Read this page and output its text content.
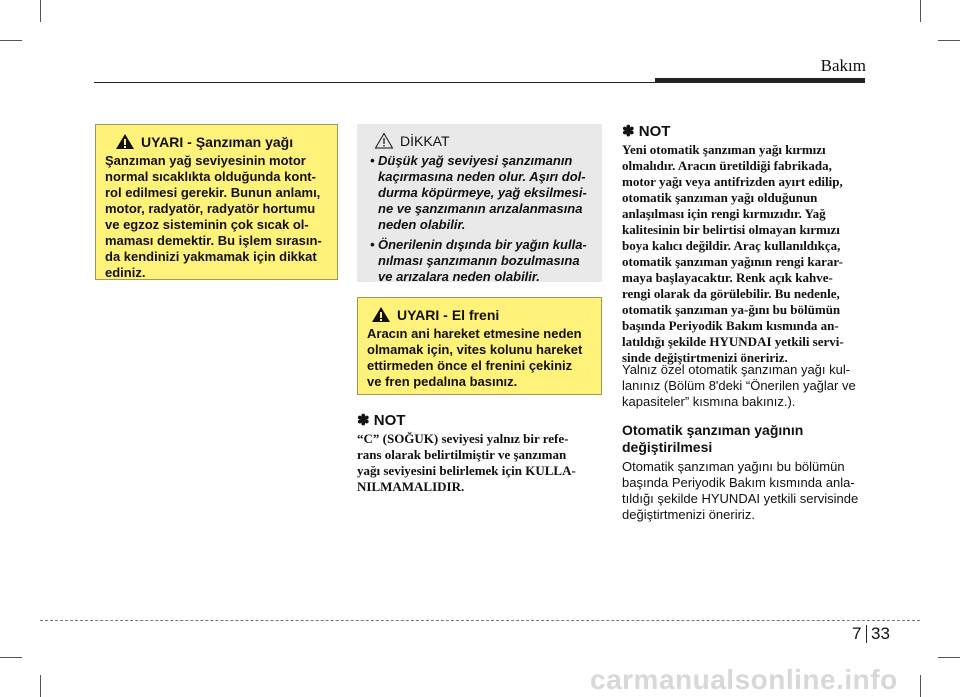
Bakım
UYARI - Şanzıman yağı
Şanzıman yağ seviyesinin motor
normal sıcaklıkta olduğunda kont-
rol edilmesi gerekir. Bunun anlamı,
motor, radyatör, radyatör hortumu
ve egzoz sisteminin çok sıcak ol-
maması demektir. Bu işlem sırasın-
da kendinizi yakmamak için dikkat
ediniz.
DİKKAT
• Düşük yağ seviyesi şanzımanın
kaçırmasına neden olur. Aşırı dol-
durma köpürmeye, yağ eksilmesi-
ne ve şanzımanın arızalanmasına
neden olabilir.
• Önerilenin dışında bir yağın kulla-
nılması şanzımanın bozulmasına
ve arızalara neden olabilir.
UYARI - El freni
Aracın ani hareket etmesine neden
olmamak için, vites kolunu hareket
ettirmeden önce el frenini çekiniz
ve fren pedalına basınız.
✽ NOT
“C” (SOĞUK) seviyesi yalnız bir refe-
rans olarak belirtilmiştir ve şanzıman
yağı seviyesini belirlemek için KULLA-
NILMAMALIDIR.
✽ NOT
Yeni otomatik şanzıman yağı kırmızı
olmalıdır. Aracın üretildiği fabrikada,
motor yağı veya antifrizden ayırt edilip,
otomatik şanzıman yağı olduğunun
anlaşılması için rengi kırmızıdır. Yağ
kalitesinin bir belirtisi olmayan kırmızı
boya kalıcı değildir. Araç kullanıldıkça,
otomatik şanzıman yağının rengi karar-
maya başlayacaktır. Renk açık kahve-
rengi olarak da görülebilir. Bu nedenle,
otomatik şanzıman ya-ğını bu bölümün
başında Periyodik Bakım kısmında an-
latıldığı şekilde HYUNDAI yetkili servi-
sinde değiştirtmenizi öneririz.
Yalnız özel otomatik şanzıman yağı kul-
lanınız (Bölüm 8'deki “Önerilen yağlar ve
kapasiteler” kısmına bakınız.).
Otomatik şanzıman yağının
değiştirilmesi
Otomatik şanzıman yağını bu bölümün
başında Periyodik Bakım kısmında anla-
tıldığı şekilde HYUNDAI yetkili servisinde
değiştirtmenizi öneririz.
7 33
carmanualsonline.info
